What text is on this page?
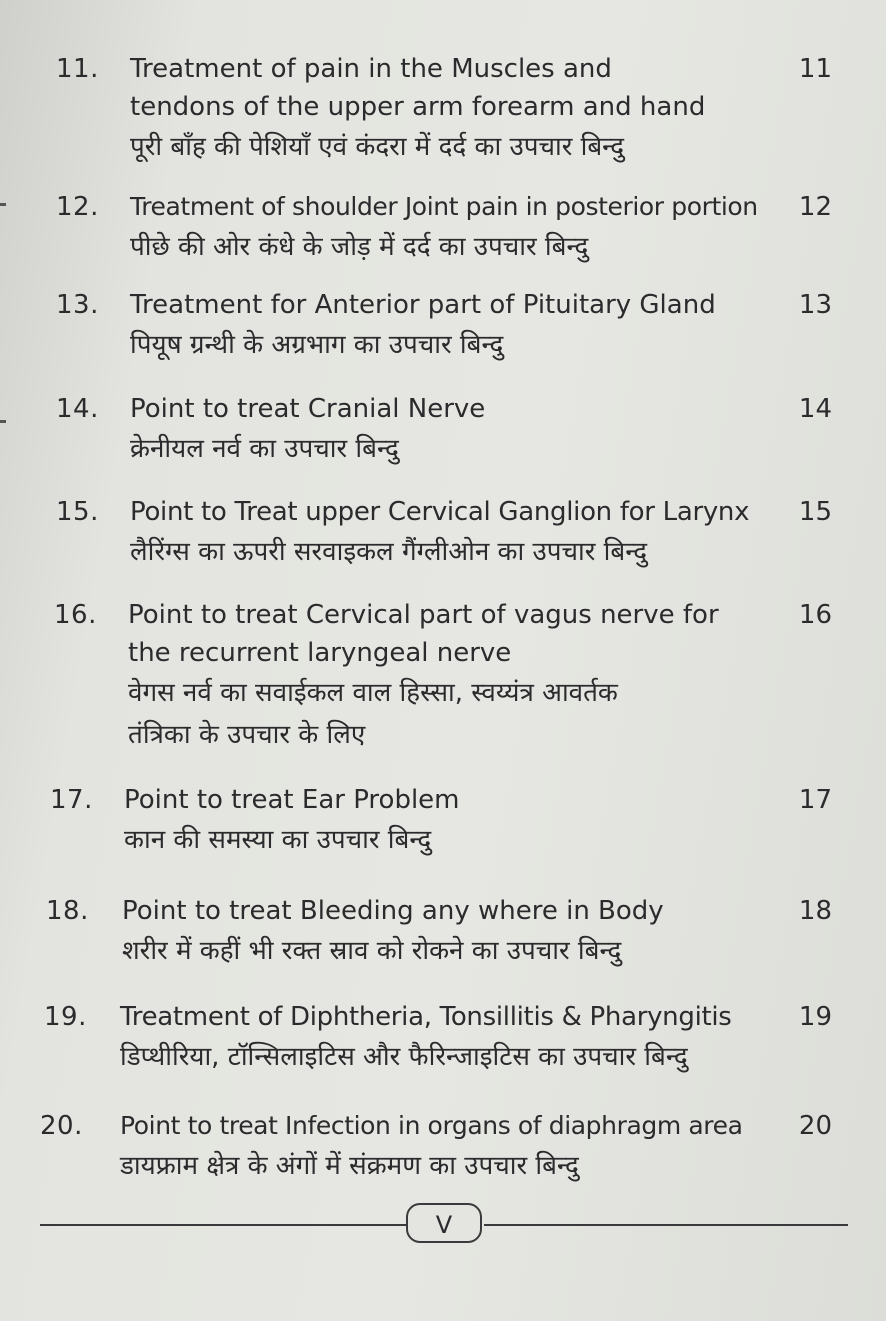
11. Treatment of pain in the Muscles and
tendons of the upper arm forearm and hand
पूरी बाँह की पेशियाँ एवं कंदरा में दर्द का उपचार बिन्दु
11
12. Treatment of shoulder Joint pain in posterior portion
पीछे की ओर कंधे के जोड़ में दर्द का उपचार बिन्दु
12
13. Treatment for Anterior part of Pituitary Gland
पियूष ग्रन्थी के अग्रभाग का उपचार बिन्दु
13
14. Point to treat Cranial Nerve
क्रेनीयल नर्व का उपचार बिन्दु
14
15. Point to Treat upper Cervical Ganglion for Larynx
लैरिंग्स का ऊपरी सरवाइकल गैंग्लीओन का उपचार बिन्दु
15
16. Point to treat Cervical part of vagus nerve for
the recurrent laryngeal nerve
वेगस नर्व का सवाईकल वाल हिस्सा, स्वय्यंत्र आवर्तक
तंत्रिका के उपचार के लिए
16
17. Point to treat Ear Problem
कान की समस्या का उपचार बिन्दु
17
18. Point to treat Bleeding any where in Body
शरीर में कहीं भी रक्त स्राव को रोकने का उपचार बिन्दु
18
19. Treatment of Diphtheria, Tonsillitis & Pharyngitis
डिप्थीरिया, टॉन्सिलाइटिस और फैरिन्जाइटिस का उपचार बिन्दु
19
20. Point to treat Infection in organs of diaphragm area
डायफ्राम क्षेत्र के अंगों में संक्रमण का उपचार बिन्दु
20
V
